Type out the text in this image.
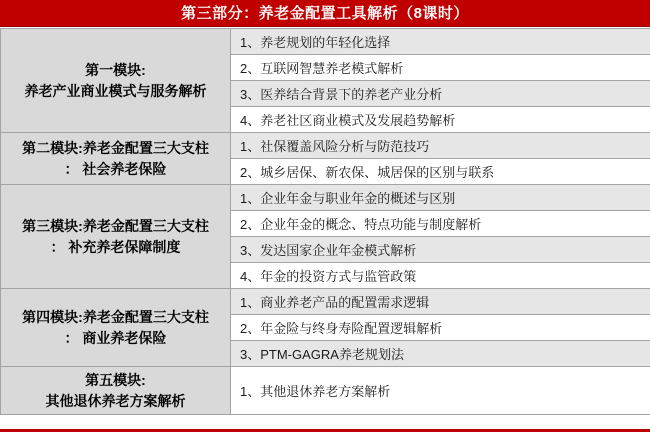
第三部分：养老金配置工具解析（8课时）
第一模块:
养老产业商业模式与服务解析	1、养老规划的年轻化选择
	2、互联网智慧养老模式解析
	3、医养结合背景下的养老产业分析
	4、养老社区商业模式及发展趋势解析

第二模块:养老金配置三大支柱
： 社会养老保险	1、社保覆盖风险分析与防范技巧
	2、城乡居保、新农保、城居保的区别与联系

第三模块:养老金配置三大支柱
： 补充养老保障制度	1、企业年金与职业年金的概述与区别
	2、企业年金的概念、特点功能与制度解析
	3、发达国家企业年金模式解析
	4、年金的投资方式与监管政策

第四模块:养老金配置三大支柱
： 商业养老保险	1、商业养老产品的配置需求逻辑
	2、年金险与终身寿险配置逻辑解析
	3、PTM-GAGRA养老规划法

第五模块:
其他退休养老方案解析	1、其他退休养老方案解析
